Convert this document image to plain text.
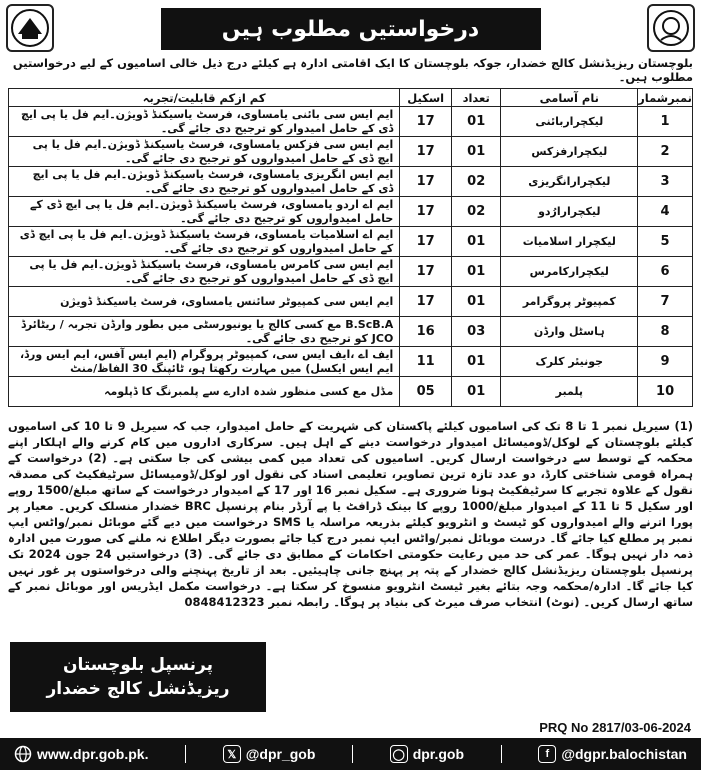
درخواستیں مطلوب ہیں
بلوچستان ریزیڈنشل کالج خضدار، جوکہ بلوچستان کا ایک اقامتی ادارہ ہے کیلئے درج ذیل خالی اسامیوں کے لیے درخواستیں مطلوب ہیں۔
نمبرشمار	نام آسامی	تعداد	اسکیل	کم ازکم قابلیت/تجربہ
1	لیکچراربائنی	01	17	ایم ایس سی بائنی یامساوی، فرسٹ یاسیکنڈ ڈویژن۔ایم فل یا پی ایچ ڈی کے حامل امیدوار کو ترجیح دی جائے گی۔
2	لیکچرارفزکس	01	17	ایم ایس سی فزکس یامساوی، فرسٹ یاسیکنڈ ڈویژن۔ایم فل یا پی ایچ ڈی کے حامل امیدواروں کو ترجیح دی جائے گی۔
3	لیکچرارانگریزی	02	17	ایم ایس انگریزی یامساوی، فرسٹ یاسیکنڈ ڈویژن۔ایم فل یا پی ایچ ڈی کے حامل امیدواروں کو ترجیح دی جائے گی۔
4	لیکچرارارُدو	02	17	ایم اے اردو یامساوی، فرسٹ یاسیکنڈ ڈویژن۔ایم فل یا پی ایچ ڈی کے حامل امیدواروں کو ترجیح دی جائے گی۔
5	لیکچرار اسلامیات	01	17	ایم اے اسلامیات یامساوی، فرسٹ یاسیکنڈ ڈویژن۔ایم فل یا پی ایچ ڈی کے حامل امیدواروں کو ترجیح دی جائے گی۔
6	لیکچرارکامرس	01	17	ایم ایس سی کامرس یامساوی، فرسٹ یاسیکنڈ ڈویژن۔ایم فل یا پی ایچ ڈی کے حامل امیدواروں کو ترجیح دی جائے گی۔
7	کمپیوٹر پروگرامر	01	17	ایم ایس سی کمپیوٹر سائنس یامساوی، فرسٹ یاسیکنڈ ڈویژن
8	ہاسٹل وارڈن	03	16	B.ScB.A مع کسی کالج یا یونیورسٹی میں بطور وارڈن تجربہ / ریٹائرڈ JCO کو ترجیح دی جائے گی۔
9	جونیئر کلرک	01	11	ایف اے ،ایف ایس سی، کمپیوٹر پروگرام (ایم ایس آفس، ایم ایس ورڈ، ایم ایس ایکسل) میں مہارت رکھتا ہو، ٹائپنگ 30 الفاظ/منٹ
10	پلمبر	01	05	مڈل مع کسی منظور شدہ ادارے سے پلمبرنگ کا ڈپلومہ
(1) سیریل نمبر 1 تا 8 تک کی اسامیوں کیلئے پاکستان کی شہریت کے حامل امیدوار، جب کہ سیریل 9 تا 10 کی اسامیوں کیلئے بلوچستان کے لوکل/ڈومیسائل امیدوار درخواست دینے کے اہل ہیں۔ سرکاری اداروں میں کام کرنے والے اہلکار اپنے محکمہ کے توسط سے درخواست ارسال کریں۔ اسامیوں کی تعداد میں کمی بیشی کی جا سکتی ہے۔ (2) درخواست کے ہمراہ قومی شناختی کارڈ، دو عدد تازہ ترین تصاویر، تعلیمی اسناد کی نقول اور لوکل/ڈومیسائل سرٹیفکیٹ کی مصدقہ نقول کے علاوہ تجربے کا سرٹیفکیٹ ہونا ضروری ہے۔ سکیل نمبر 16 اور 17 کے امیدوار درخواست کے ساتھ مبلغ/1500 روپے اور سکیل 5 تا 11 کے امیدوار مبلغ/1000 روپے کا بینک ڈرافٹ یا پے آرڈر بنام پرنسپل BRC خضدار منسلک کریں۔ معیار پر پورا اترنے والے امیدواروں کو ٹیسٹ و انٹرویو کیلئے بذریعہ مراسلہ یا SMS درخواست میں دیے گئے موبائل نمبر/واٹس ایپ نمبر پر مطلع کیا جائے گا۔ درست موبائل نمبر/واٹس ایپ نمبر درج کیا جائے بصورت دیگر اطلاع نہ ملنے کی صورت میں ادارہ ذمہ دار نہیں ہوگا۔ عمر کی حد میں رعایت حکومتی احکامات کے مطابق دی جائے گی۔ (3) درخواستیں 24 جون 2024 تک پرنسپل بلوچستان ریزیڈنشل کالج خضدار کے پتہ پر پہنچ جانی چاہیئیں۔ بعد از تاریخ پہنچنے والی درخواستوں پر غور نہیں کیا جائے گا۔ ادارہ/محکمہ وجہ بتائے بغیر ٹیسٹ انٹرویو منسوخ کر سکتا ہے۔ درخواست مکمل ایڈریس اور موبائل نمبر کے ساتھ ارسال کریں۔ (نوٹ) انتخاب صرف میرٹ کی بنیاد پر ہوگا۔ رابطہ نمبر 0848412323
پرنسپل بلوچستان
ریزیڈنشل کالج خضدار
PRQ No 2817/03-06-2024
www.dpr.gob.pk.	𝕏 @dpr_gob	◯ dpr.gob	f @dgpr.balochistan
